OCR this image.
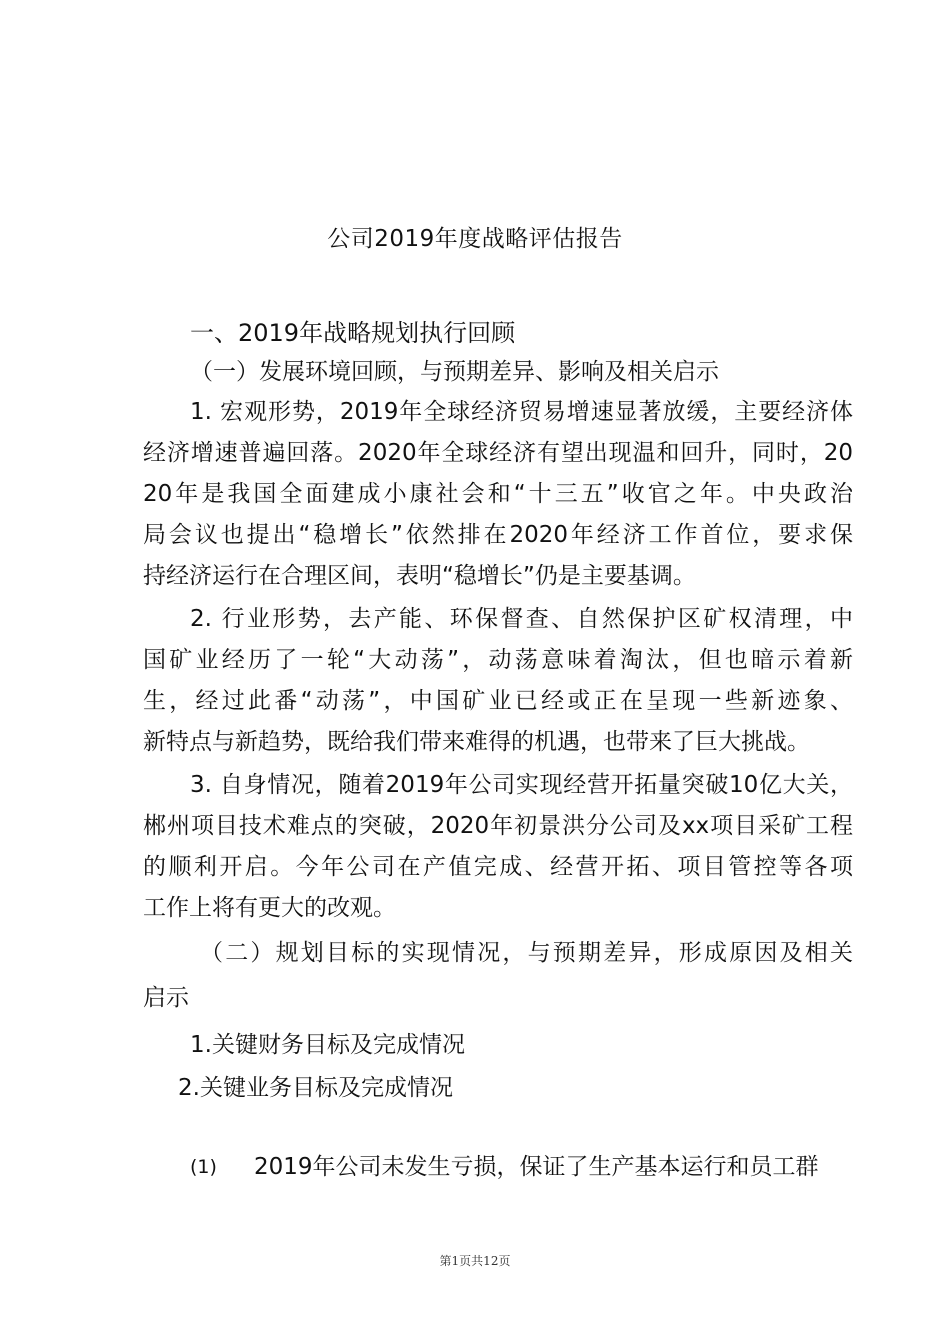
公司2019年度战略评估报告
一、2019年战略规划执行回顾
（一）发展环境回顾，与预期差异、影响及相关启示
1. 宏观形势，2019年全球经济贸易增速显著放缓，主要经济体
经济增速普遍回落。2020年全球经济有望出现温和回升，同时，20
20年是我国全面建成小康社会和“十三五”收官之年。中央政治
局会议也提出“稳增长”依然排在2020年经济工作首位，要求保
持经济运行在合理区间，表明“稳增长”仍是主要基调。
2. 行业形势，去产能、环保督查、自然保护区矿权清理，中
国矿业经历了一轮“大动荡”，动荡意味着淘汰，但也暗示着新
生，经过此番“动荡”，中国矿业已经或正在呈现一些新迹象、
新特点与新趋势，既给我们带来难得的机遇，也带来了巨大挑战。
3. 自身情况，随着2019年公司实现经营开拓量突破10亿大关，
郴州项目技术难点的突破，2020年初景洪分公司及xx项目采矿工程
的顺利开启。今年公司在产值完成、经营开拓、项目管控等各项
工作上将有更大的改观。
（二）规划目标的实现情况，与预期差异，形成原因及相关
启示
1.关键财务目标及完成情况
2.关键业务目标及完成情况
(1)	2019年公司未发生亏损，保证了生产基本运行和员工群
第1页共12页
